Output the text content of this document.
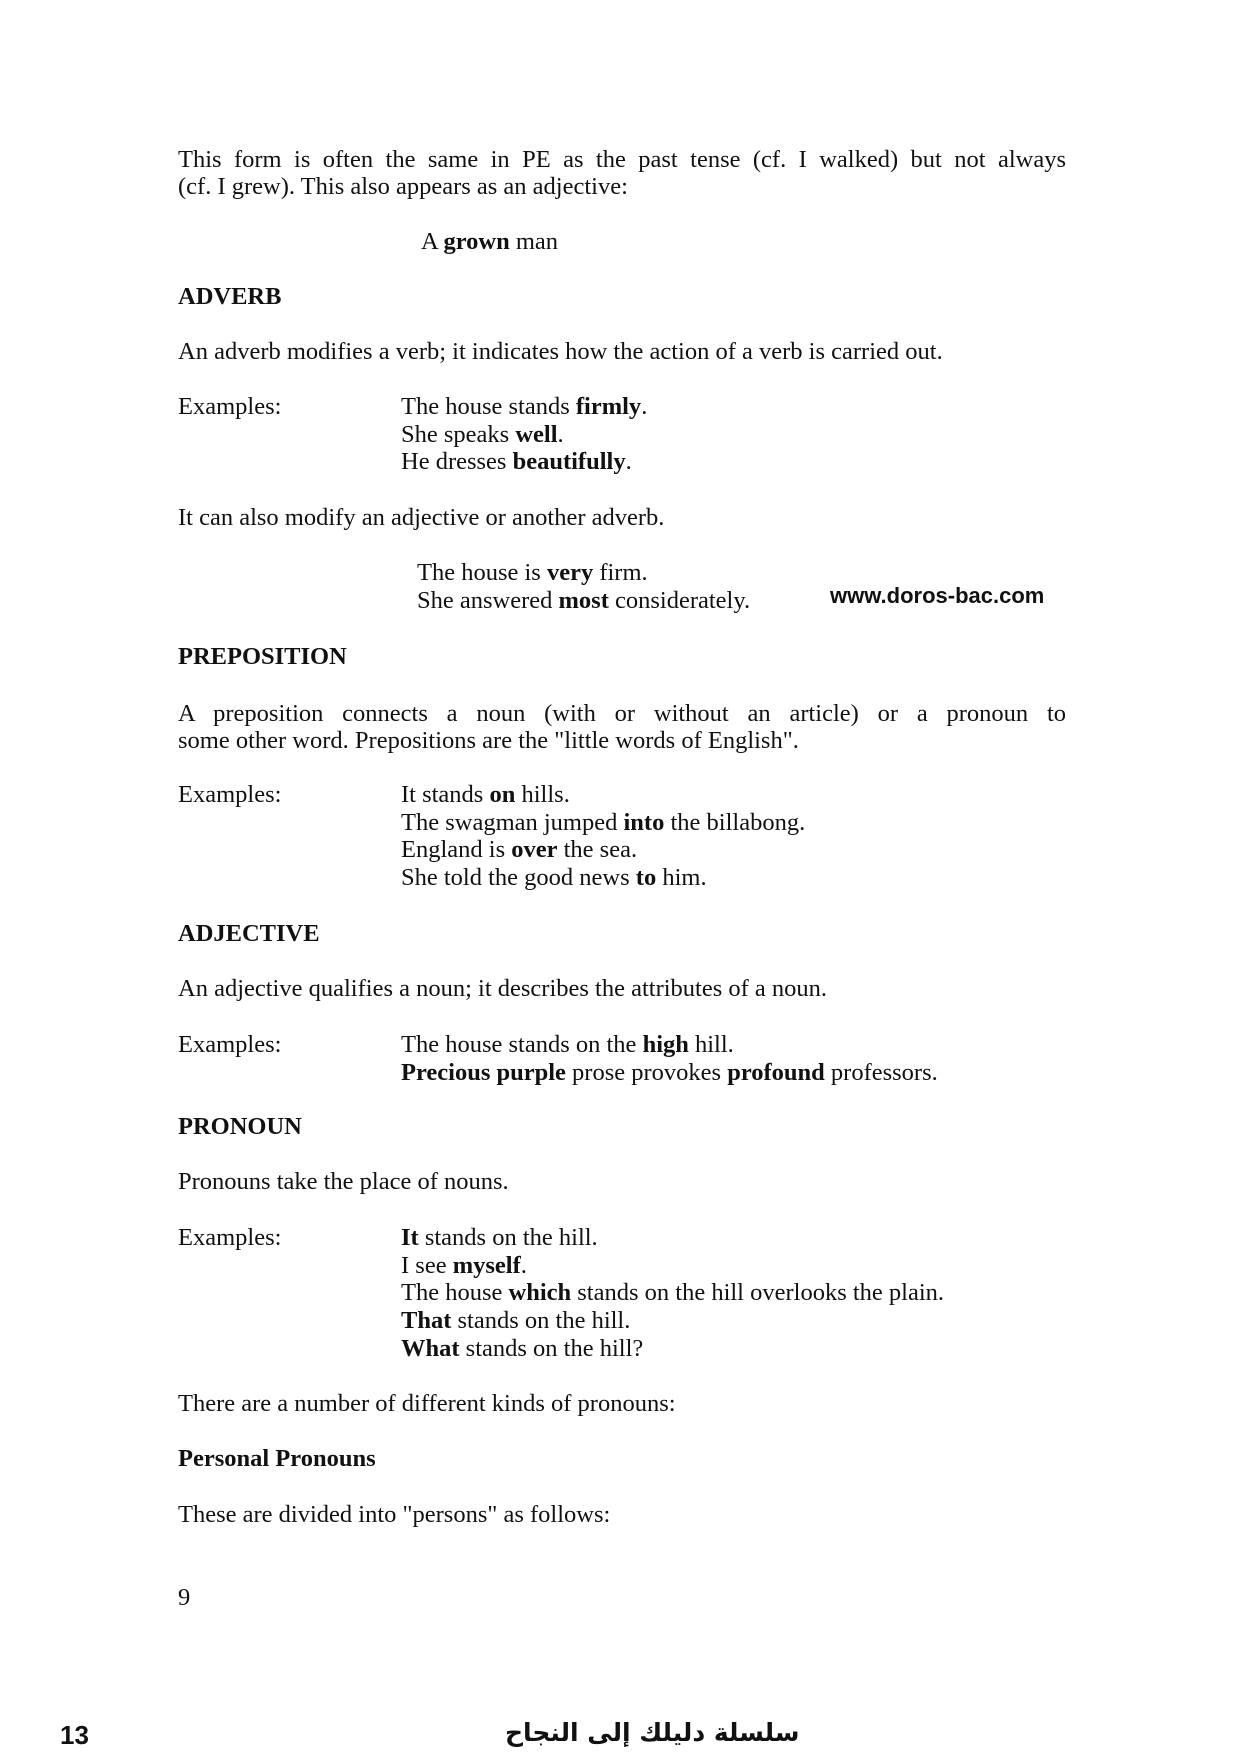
This form is often the same in PE as the past tense (cf. I walked) but not always

(cf. I grew). This also appears as an adjective:

A grown man

ADVERB

An adverb modifies a verb; it indicates how the action of a verb is carried out.

Examples:	The house stands firmly.
She speaks well.
He dresses beautifully.

It can also modify an adjective or another adverb.

The house is very firm.
She answered most considerately.	www.doros-bac.com

PREPOSITION

A preposition connects a noun (with or without an article) or a pronoun to

some other word. Prepositions are the "little words of English".

Examples:	It stands on hills.
The swagman jumped into the billabong.
England is over the sea.
She told the good news to him.

ADJECTIVE

An adjective qualifies a noun; it describes the attributes of a noun.

Examples:	The house stands on the high hill.
Precious purple prose provokes profound professors.

PRONOUN

Pronouns take the place of nouns.

Examples:	It stands on the hill.
I see myself.
The house which stands on the hill overlooks the plain.
That stands on the hill.
What stands on the hill?

There are a number of different kinds of pronouns:

Personal Pronouns

These are divided into "persons" as follows:

9

13	سلسلة دليلك إلى النجاح
